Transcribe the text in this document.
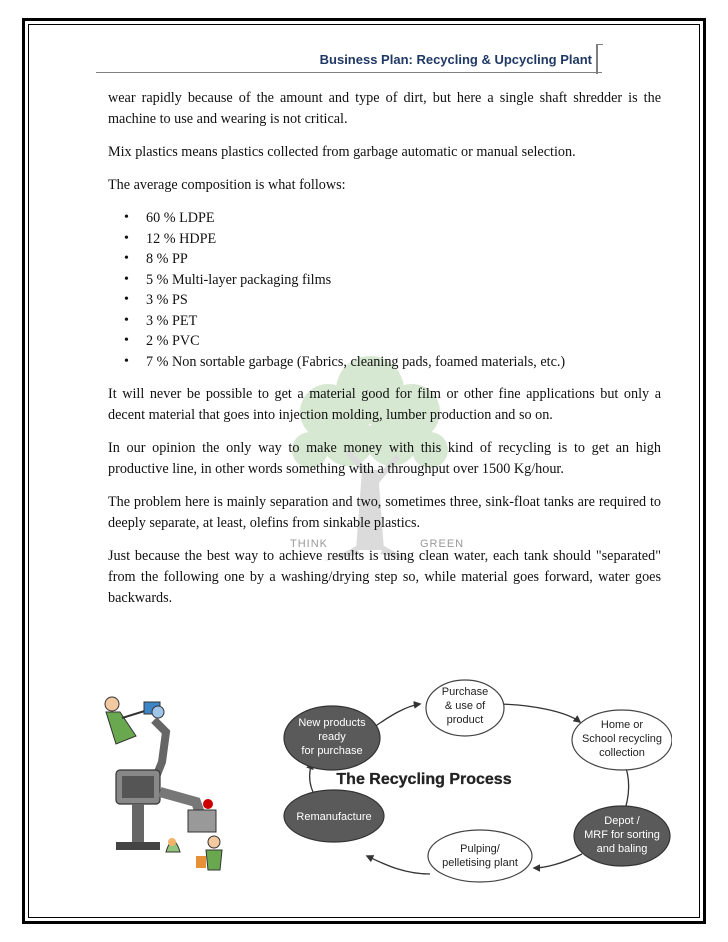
Business Plan: Recycling & Upcycling Plant
THINK	GREEN

wear rapidly because of the amount and type of dirt, but here a single shaft shredder is the machine to use and wearing is not critical.

Mix plastics means plastics collected from garbage automatic or manual selection.

The average composition is what follows:

• 60 % LDPE
• 12 % HDPE
• 8 % PP
• 5 % Multi-layer packaging films
• 3 % PS
• 3 % PET
• 2 % PVC
• 7 % Non sortable garbage (Fabrics, cleaning pads, foamed materials, etc.)

It will never be possible to get a material good for film or other fine applications but only a decent material that goes into injection molding, lumber production and so on.

In our opinion the only way to make money with this kind of recycling is to get an high productive line, in other words something with a throughput over 1500 Kg/hour.

The problem here is mainly separation and two, sometimes three, sink-float tanks are required to deeply separate, at least, olefins from sinkable plastics.

Just because the best way to achieve results is using clean water, each tank should "separated" from the following one by a washing/drying step so, while material goes forward, water goes backwards.

Purchase
& use of
product	Home or
School recycling
collection
Depot /
MRF for sorting
and baling
Pulping/
pelletising plant
Remanufacture
New products
ready
for purchase
The Recycling Process
